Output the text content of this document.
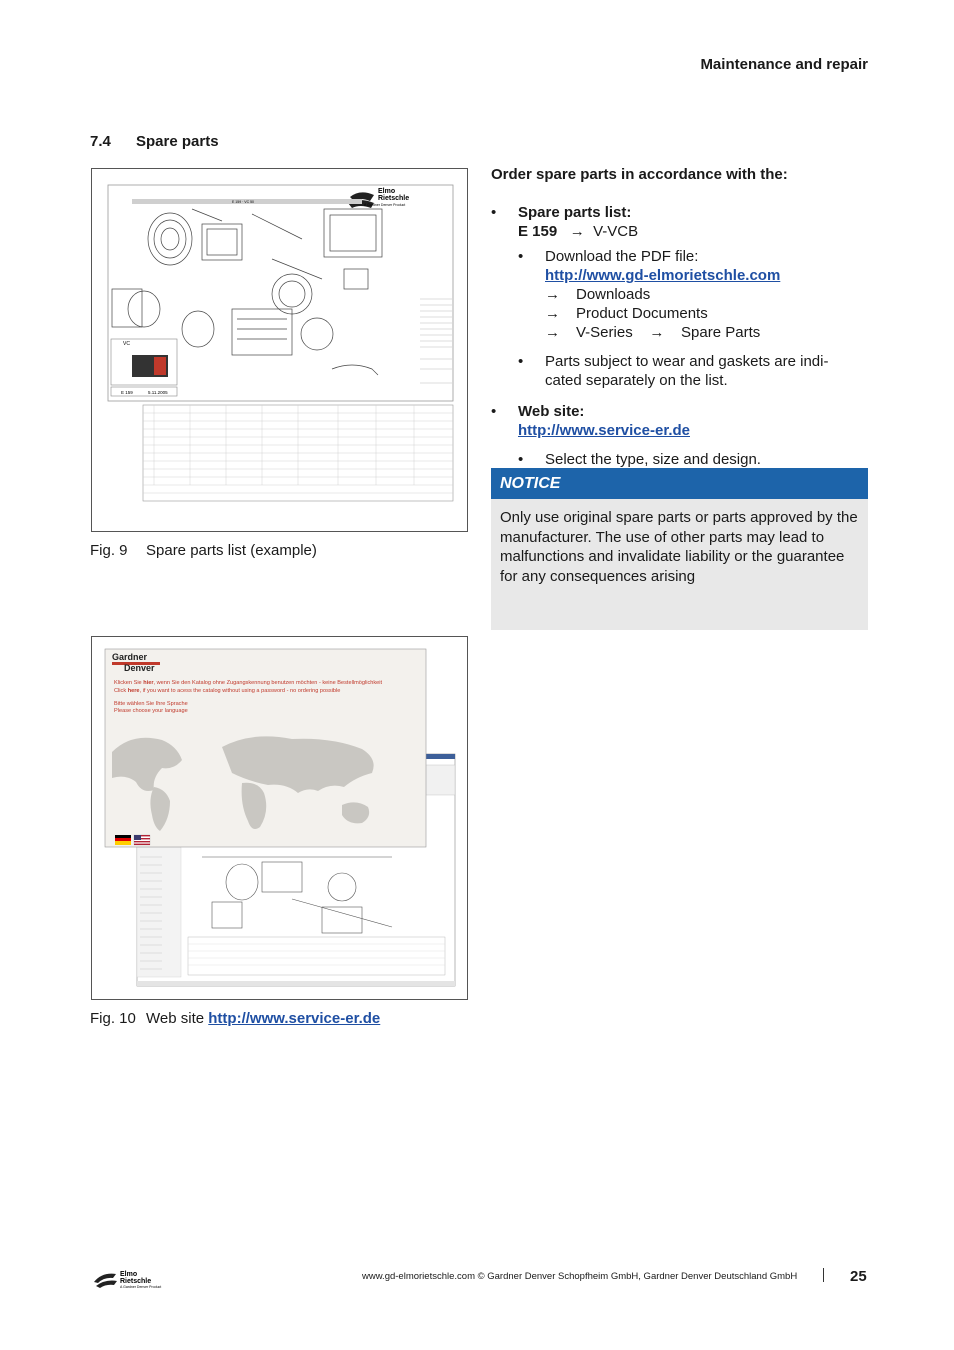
Maintenance and repair
7.4 Spare parts
Elmo
Rietschle
A Gardner Denver Product
E 159 · VC 50
VC
E 159	5.11.2005
Fig. 9 Spare parts list (example)
Gardner
Denver
Klicken Sie hier, wenn Sie den Katalog ohne Zugangskennung benutzen möchten - keine Bestellmöglichkeit
Click here, if you want to acess the catalog without using a password - no ordering possible
Bitte wählen Sie Ihre Sprache
Please choose your language
Fig. 10 Web site http://www.service-er.de
Order spare parts in accordance with the:
• Spare parts list:
E 159 → V-VCB
• Download the PDF file:
http://www.gd-elmorietschle.com
→ Downloads
→ Product Documents
→ V-Series → Spare Parts
• Parts subject to wear and gaskets are indi-
cated separately on the list.
• Web site:
http://www.service-er.de
• Select the type, size and design.
NOTICE
Only use original spare parts or parts approved by the manufacturer. The use of other parts may lead to malfunctions and invalidate liability or the guarantee for any consequences arising
Elmo
Rietschle
A Gardner Denver Product
www.gd-elmorietschle.com © Gardner Denver Schopfheim GmbH, Gardner Denver Deutschland GmbH	25
